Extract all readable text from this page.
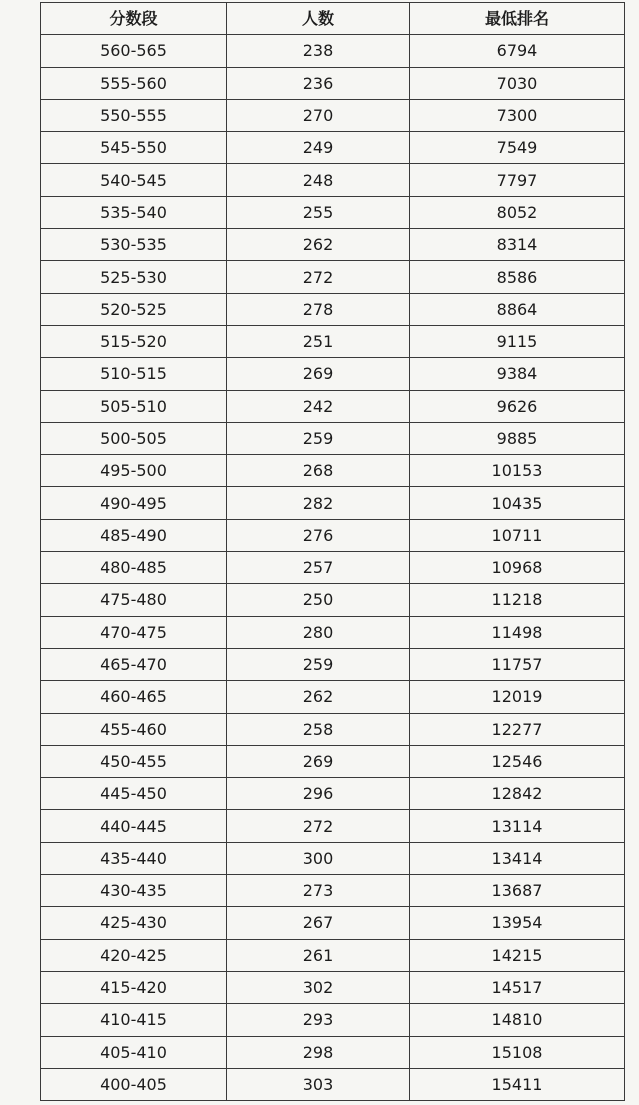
分数段	人数	最低排名
560-565	238	6794
555-560	236	7030
550-555	270	7300
545-550	249	7549
540-545	248	7797
535-540	255	8052
530-535	262	8314
525-530	272	8586
520-525	278	8864
515-520	251	9115
510-515	269	9384
505-510	242	9626
500-505	259	9885
495-500	268	10153
490-495	282	10435
485-490	276	10711
480-485	257	10968
475-480	250	11218
470-475	280	11498
465-470	259	11757
460-465	262	12019
455-460	258	12277
450-455	269	12546
445-450	296	12842
440-445	272	13114
435-440	300	13414
430-435	273	13687
425-430	267	13954
420-425	261	14215
415-420	302	14517
410-415	293	14810
405-410	298	15108
400-405	303	15411
